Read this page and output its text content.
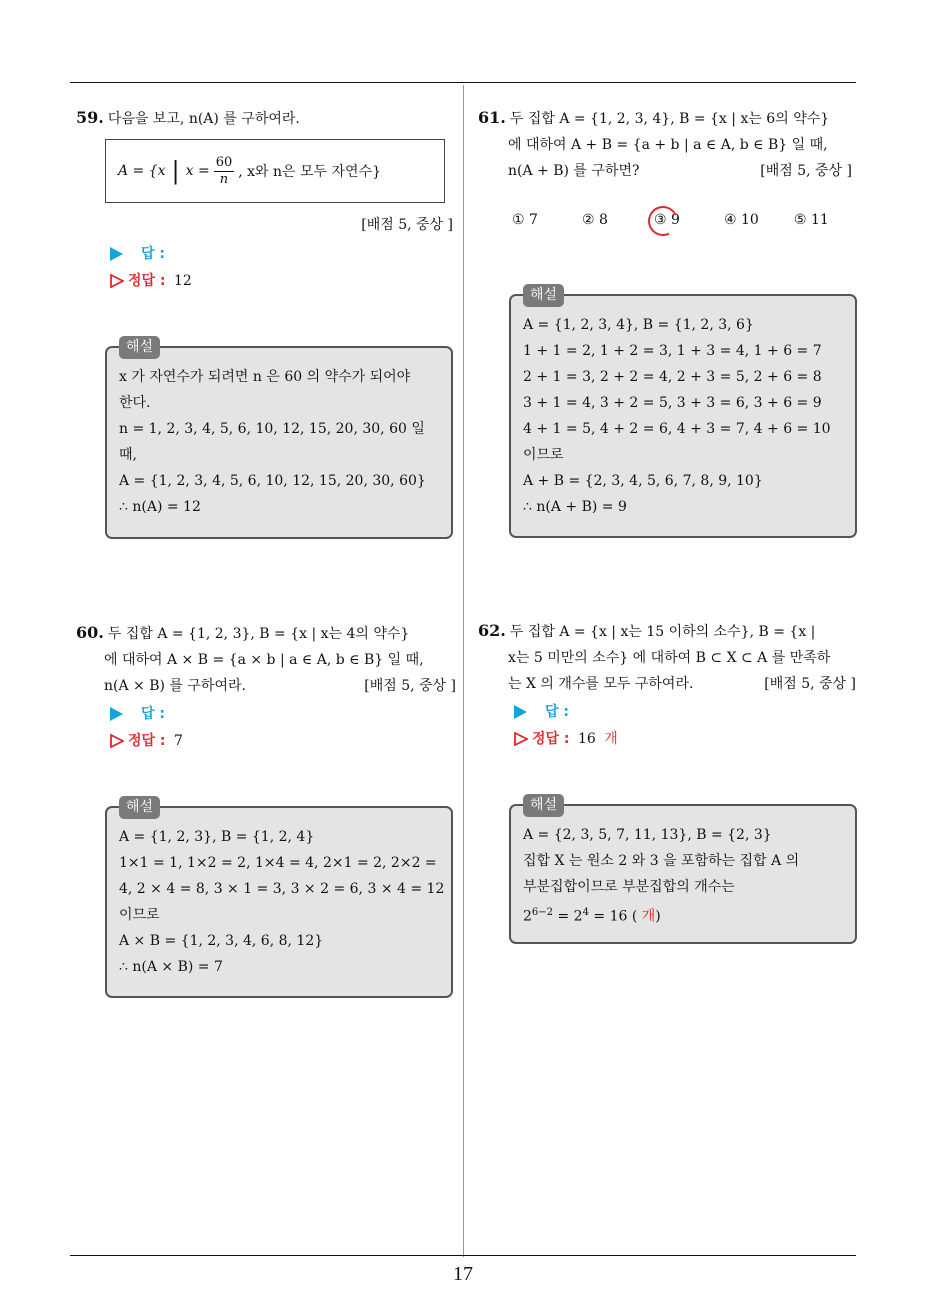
17
59. 다음을 보고, n(A) 를 구하여라.
A = {x | $x = \frac{60}{n}$ , x와 n은 모두 자연수}
[배점 5, 중상 ]
답 :
정답 : 12
해설
x 가 자연수가 되려면 n 은 60 의 약수가 되어야
한다.
n = 1, 2, 3, 4, 5, 6, 10, 12, 15, 20, 30, 60 일
때,
A = {1, 2, 3, 4, 5, 6, 10, 12, 15, 20, 30, 60}
∴ n(A) = 12
60. 두 집합 A = {1, 2, 3}, B = {x | x는 4의 약수}
에 대하여 A × B = {a × b | a ∈ A, b ∈ B} 일 때,
n(A × B) 를 구하여라.	[배점 5, 중상 ]
답 :
정답 : 7
해설
A = {1, 2, 3}, B = {1, 2, 4}
1×1 = 1, 1×2 = 2, 1×4 = 4, 2×1 = 2, 2×2 =
4, 2 × 4 = 8, 3 × 1 = 3, 3 × 2 = 6, 3 × 4 = 12
이므로
A × B = {1, 2, 3, 4, 6, 8, 12}
∴ n(A × B) = 7
61. 두 집합 A = {1, 2, 3, 4}, B = {x | x는 6의 약수}
에 대하여 A + B = {a + b | a ∈ A, b ∈ B} 일 때,
n(A + B) 를 구하면?	[배점 5, 중상 ]
① 7	② 8	③ 9	④ 10	⑤ 11
해설
A = {1, 2, 3, 4}, B = {1, 2, 3, 6}
1 + 1 = 2, 1 + 2 = 3, 1 + 3 = 4, 1 + 6 = 7
2 + 1 = 3, 2 + 2 = 4, 2 + 3 = 5, 2 + 6 = 8
3 + 1 = 4, 3 + 2 = 5, 3 + 3 = 6, 3 + 6 = 9
4 + 1 = 5, 4 + 2 = 6, 4 + 3 = 7, 4 + 6 = 10
이므로
A + B = {2, 3, 4, 5, 6, 7, 8, 9, 10}
∴ n(A + B) = 9
62. 두 집합 A = {x | x는 15 이하의 소수}, B = {x |
x는 5 미만의 소수} 에 대하여 B ⊂ X ⊂ A 를 만족하
는 X 의 개수를 모두 구하여라.	[배점 5, 중상 ]
답 :
정답 : 16 개
해설
A = {2, 3, 5, 7, 11, 13}, B = {2, 3}
집합 X 는 원소 2 와 3 을 포함하는 집합 A 의
부분집합이므로 부분집합의 개수는
$2^{6-2} = 2^4 = 16$ ( 개)
